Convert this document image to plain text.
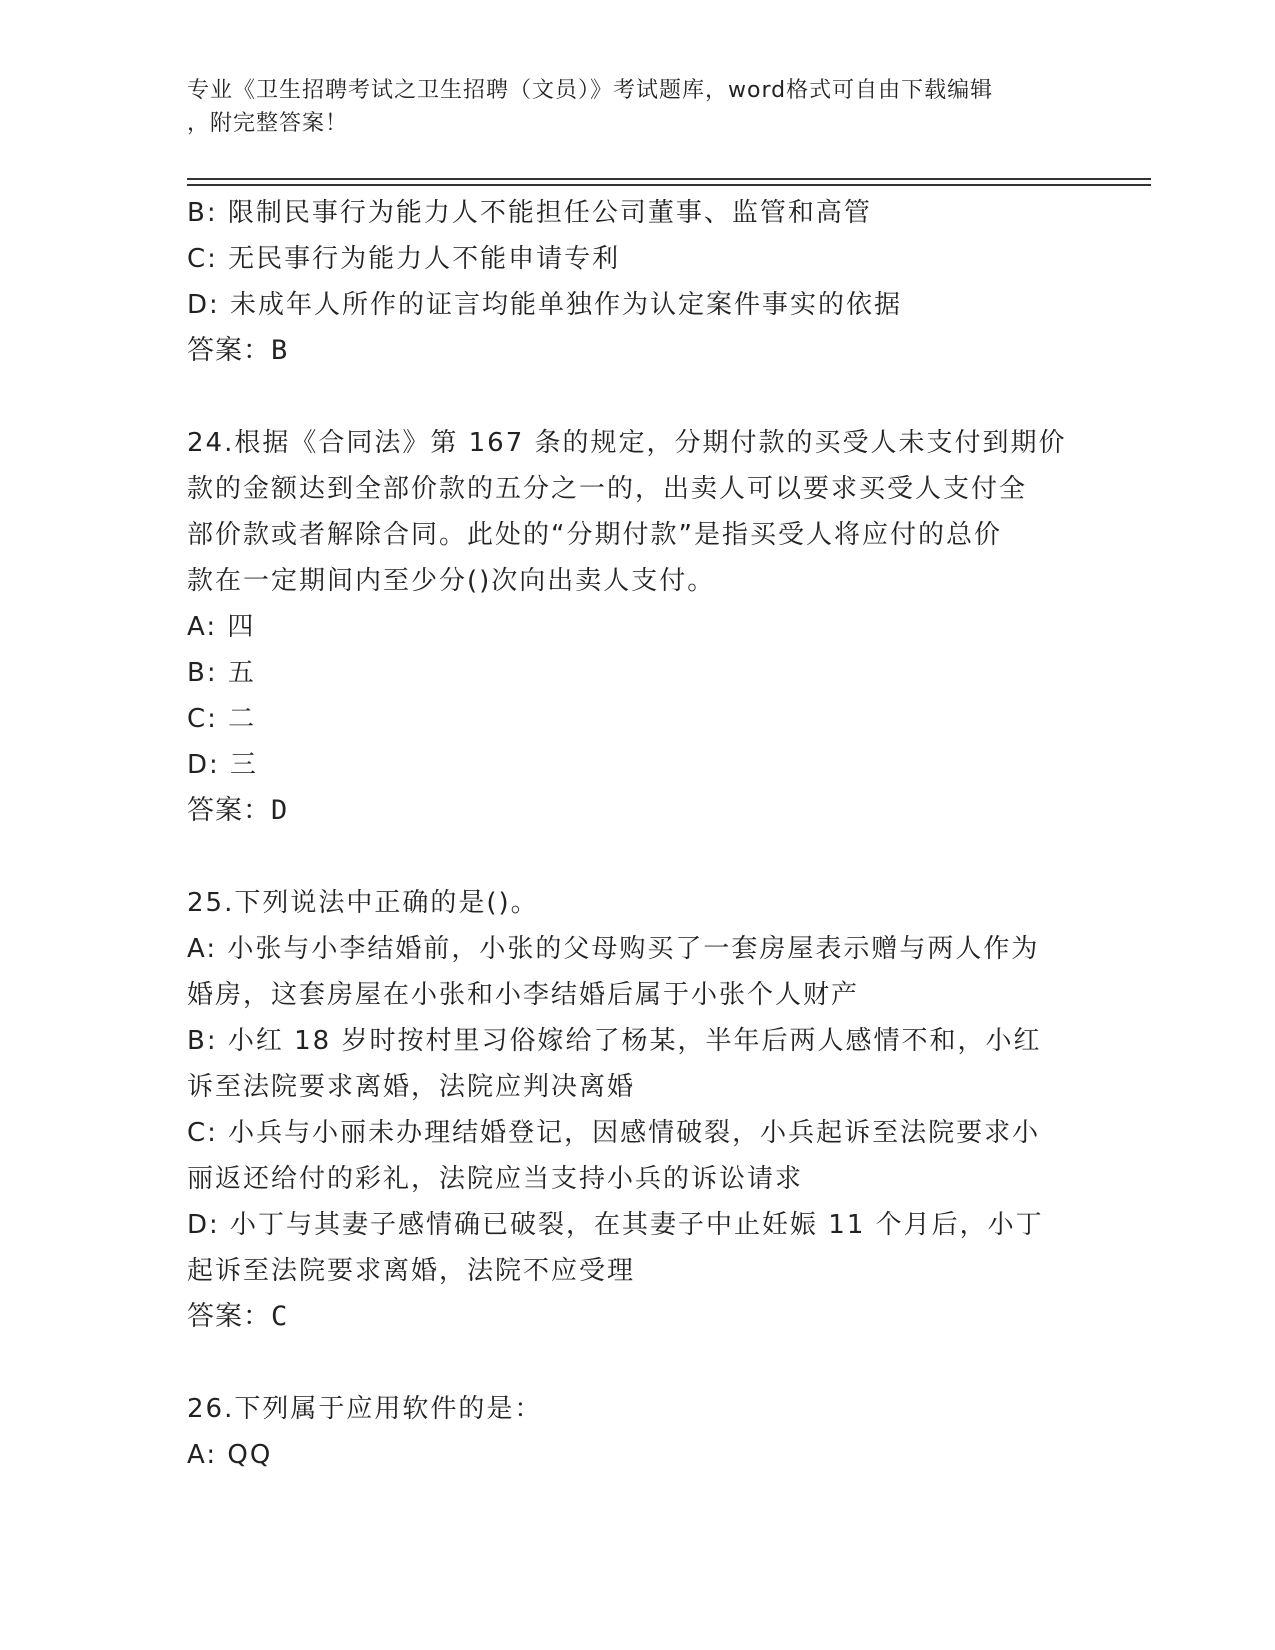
专业《卫生招聘考试之卫生招聘（文员）》考试题库，word格式可自由下载编辑
，附完整答案！
B: 限制民事行为能力人不能担任公司董事、监管和高管
C: 无民事行为能力人不能申请专利
D: 未成年人所作的证言均能单独作为认定案件事实的依据
答案：B
24.根据《合同法》第 167 条的规定，分期付款的买受人未支付到期价
款的金额达到全部价款的五分之一的，出卖人可以要求买受人支付全
部价款或者解除合同。此处的“分期付款”是指买受人将应付的总价
款在一定期间内至少分()次向出卖人支付。
A: 四
B: 五
C: 二
D: 三
答案：D
25.下列说法中正确的是()。
A: 小张与小李结婚前，小张的父母购买了一套房屋表示赠与两人作为
婚房，这套房屋在小张和小李结婚后属于小张个人财产
B: 小红 18 岁时按村里习俗嫁给了杨某，半年后两人感情不和，小红
诉至法院要求离婚，法院应判决离婚
C: 小兵与小丽未办理结婚登记，因感情破裂，小兵起诉至法院要求小
丽返还给付的彩礼，法院应当支持小兵的诉讼请求
D: 小丁与其妻子感情确已破裂，在其妻子中止妊娠 11 个月后，小丁
起诉至法院要求离婚，法院不应受理
答案：C
26.下列属于应用软件的是：
A: QQ
